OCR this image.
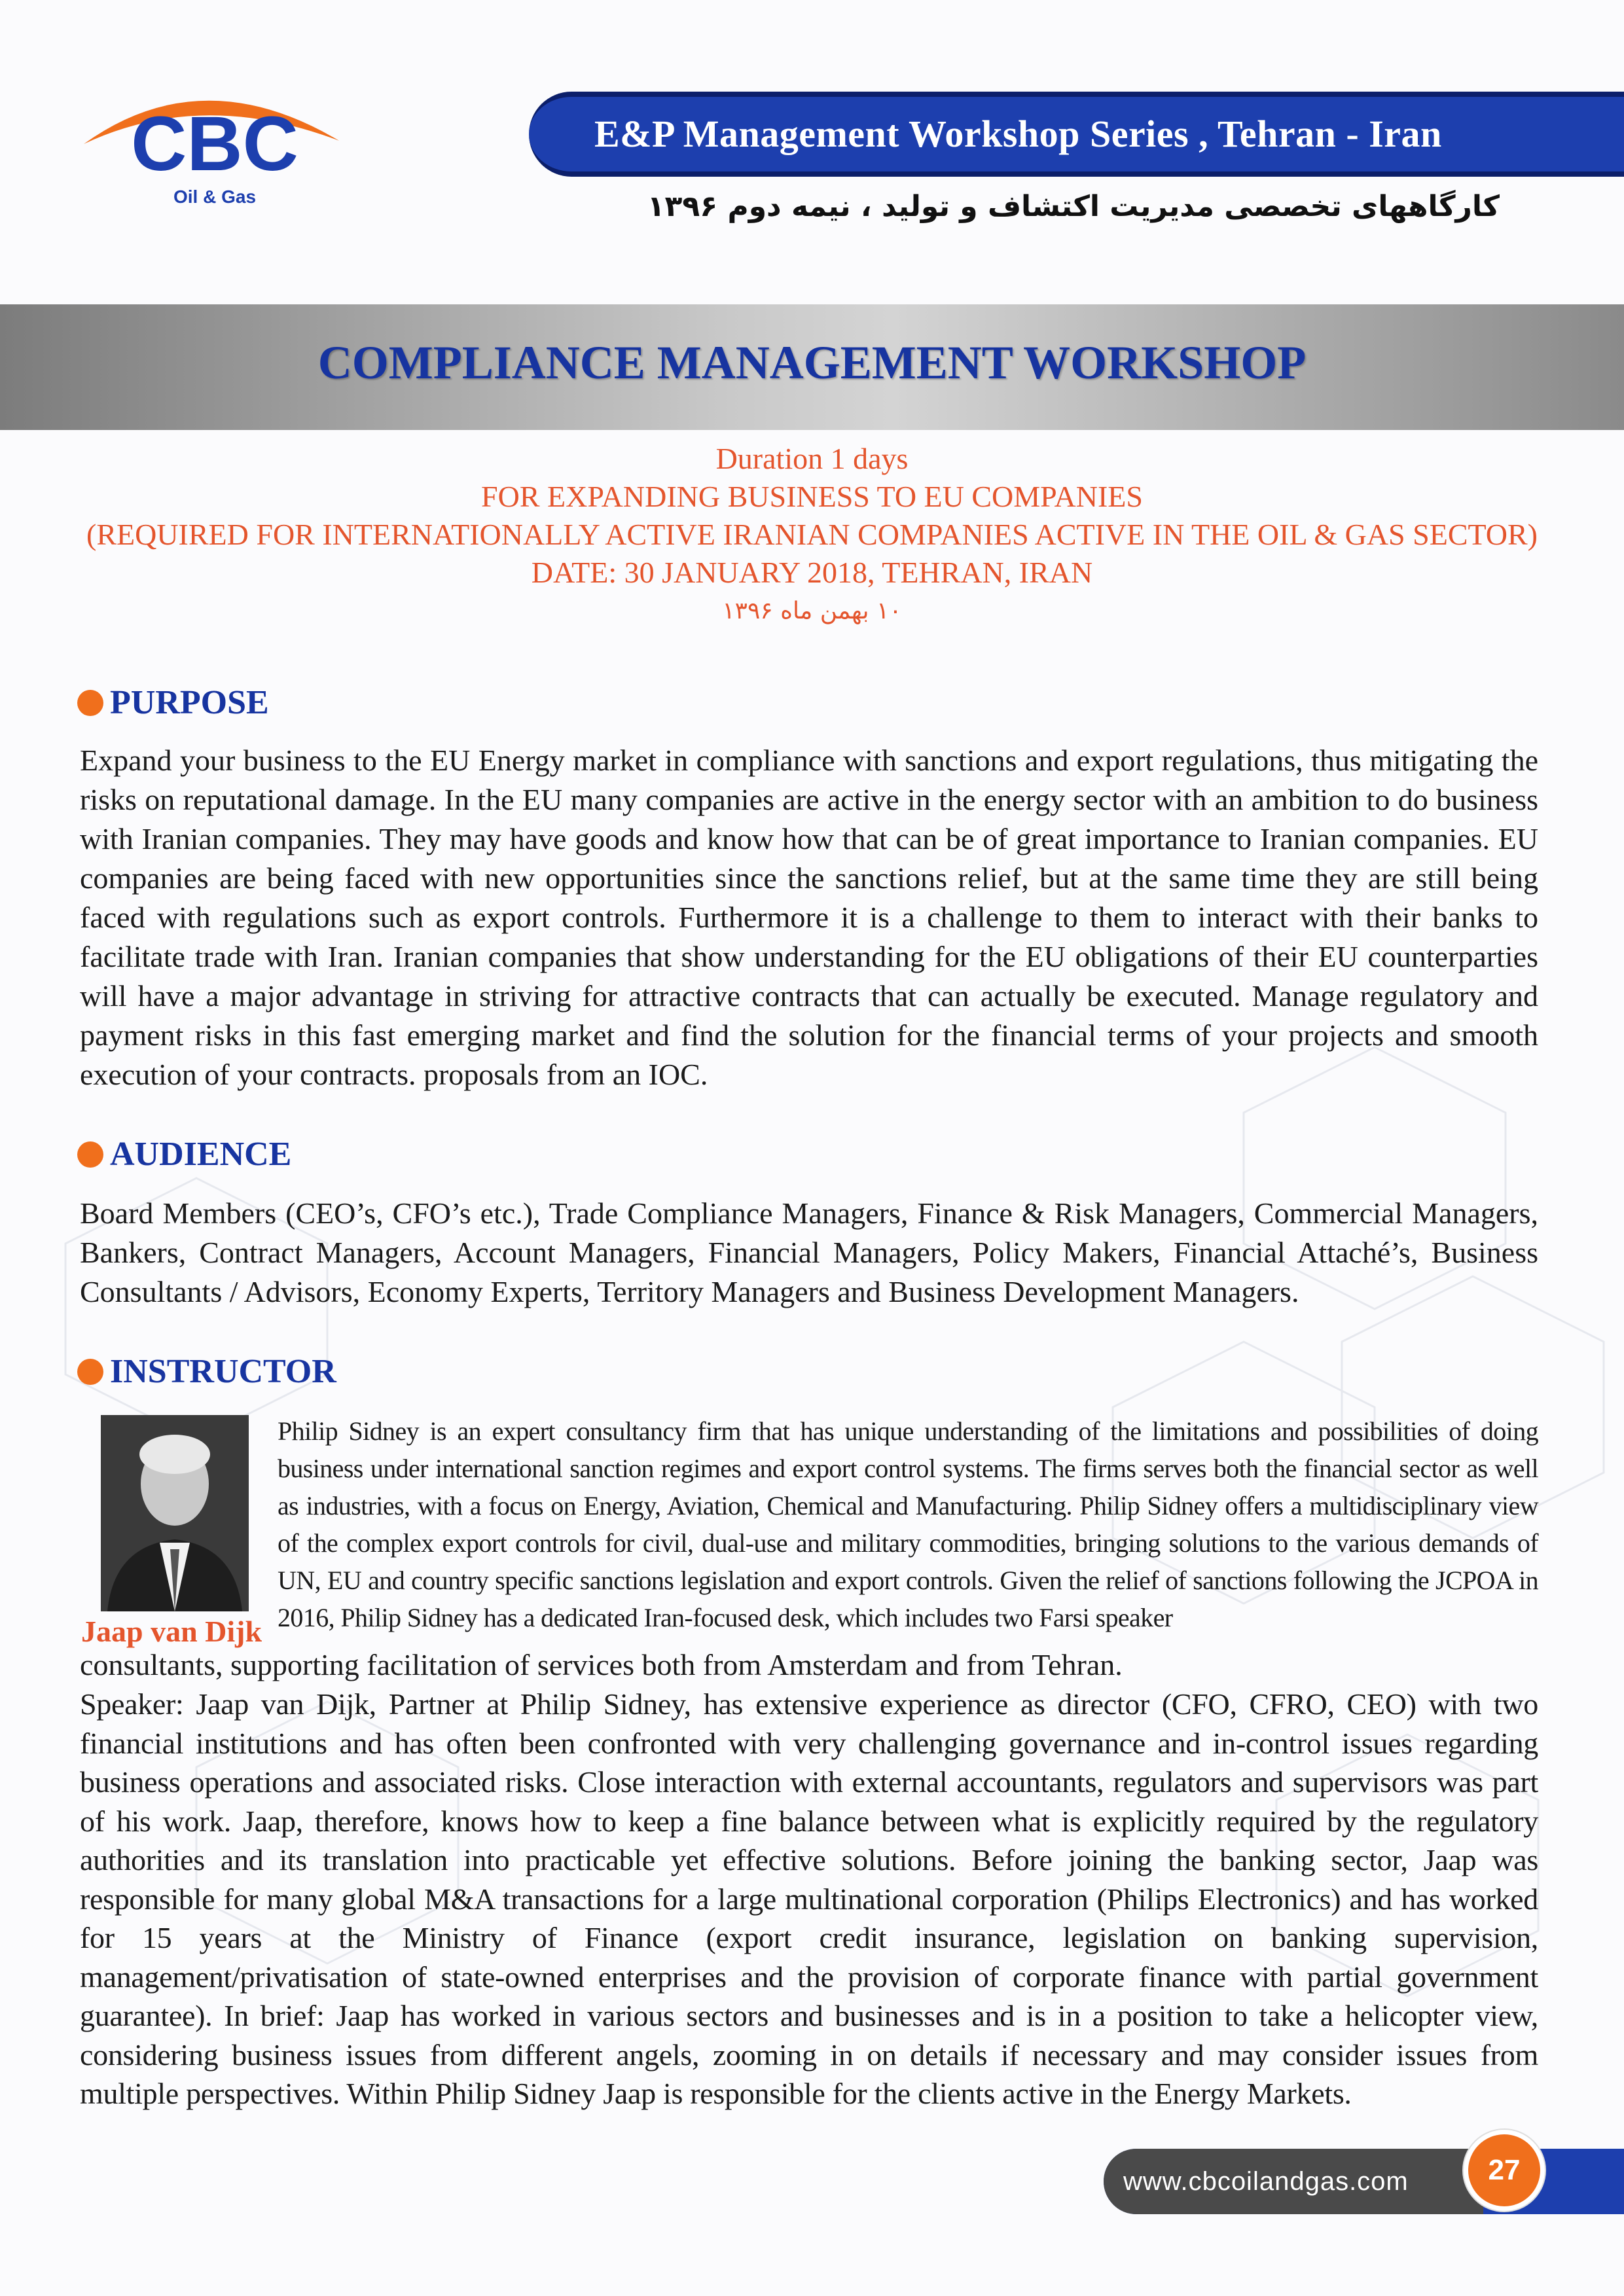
CBC
Oil & Gas
E&P Management Workshop Series , Tehran - Iran
کارگاههای تخصصی مدیریت اکتشاف و تولید ، نیمه دوم ۱۳۹۶
COMPLIANCE MANAGEMENT WORKSHOP
Duration 1 days
FOR EXPANDING BUSINESS TO EU COMPANIES
(REQUIRED FOR INTERNATIONALLY ACTIVE IRANIAN COMPANIES ACTIVE IN THE OIL & GAS SECTOR)
DATE: 30 JANUARY 2018, TEHRAN, IRAN
۱۰ بهمن ماه ۱۳۹۶
PURPOSE
Expand your business to the EU Energy market in compliance with sanctions and export regulations, thus mitigating the risks on reputational damage. In the EU many companies are active in the energy sector with an ambition to do business with Iranian companies. They may have goods and know how that can be of great importance to Iranian companies. EU companies are being faced with new opportunities since the sanctions relief, but at the same time they are still being faced with regulations such as export controls. Furthermore it is a challenge to them to interact with their banks to facilitate trade with Iran. Iranian companies that show understanding for the EU obligations of their EU counterparties will have a major advantage in striving for attractive contracts that can actually be executed. Manage regulatory and payment risks in this fast emerging market and find the solution for the financial terms of your projects and smooth execution of your contracts. proposals from an IOC.
AUDIENCE
Board Members (CEO’s, CFO’s etc.), Trade Compliance Managers, Finance & Risk Managers, Commercial Managers, Bankers, Contract Managers, Account Managers, Financial Managers, Policy Makers, Financial Attaché’s, Business Consultants / Advisors, Economy Experts, Territory Managers and Business Development Managers.
INSTRUCTOR
Jaap van Dijk
Philip Sidney is an expert consultancy firm that has unique understanding of the limitations and possibilities of doing business under international sanction regimes and export control systems. The firms serves both the financial sector as well as industries, with a focus on Energy, Aviation, Chemical and Manufacturing. Philip Sidney offers a multidisciplinary view of the complex export controls for civil, dual-use and military commodities, bringing solutions to the various demands of UN, EU and country specific sanctions legislation and export controls. Given the relief of sanctions following the JCPOA in 2016, Philip Sidney has a dedicated Iran-focused desk, which includes two Farsi speaker
consultants, supporting facilitation of services both from Amsterdam and from Tehran.
Speaker: Jaap van Dijk, Partner at Philip Sidney, has extensive experience as director (CFO, CFRO, CEO) with two financial institutions and has often been confronted with very challenging governance and in-control issues regarding business operations and associated risks. Close interaction with external accountants, regulators and supervisors was part of his work. Jaap, therefore, knows how to keep a fine balance between what is explicitly required by the regulatory authorities and its translation into practicable yet effective solutions. Before joining the banking sector, Jaap was responsible for many global M&A transactions for a large multinational corporation (Philips Electronics) and has worked for 15 years at the Ministry of Finance (export credit insurance, legislation on banking supervision, management/privatisation of state-owned enterprises and the provision of corporate finance with partial government guarantee). In brief: Jaap has worked in various sectors and businesses and is in a position to take a helicopter view, considering business issues from different angels, zooming in on details if necessary and may consider issues from multiple perspectives. Within Philip Sidney Jaap is responsible for the clients active in the Energy Markets.
www.cbcoilandgas.com	27
